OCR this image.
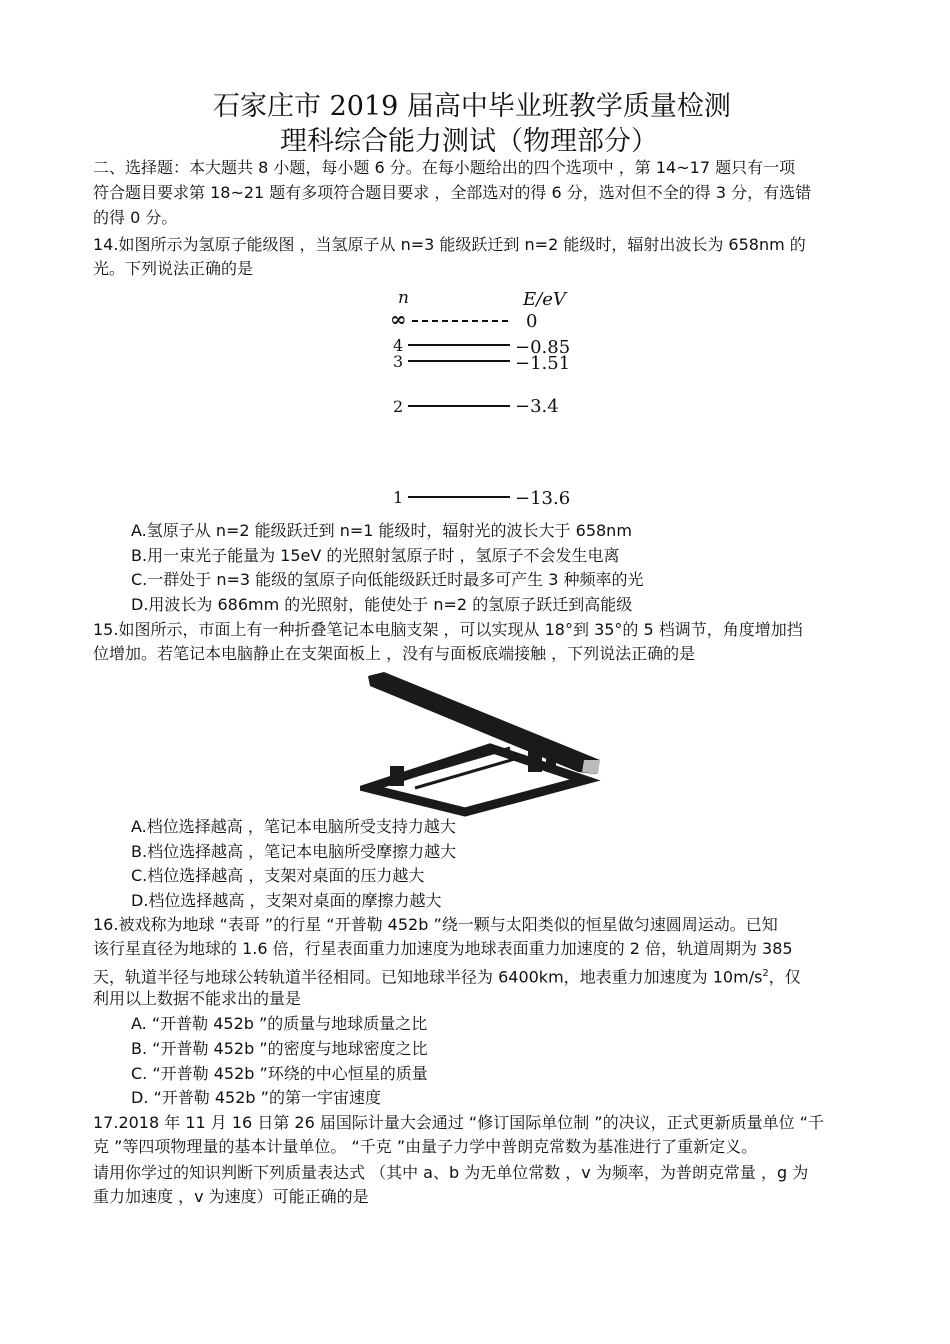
石家庄市 2019 届高中毕业班教学质量检测
理科综合能力测试（物理部分）
二、选择题：本大题共 8 小题，每小题 6 分。在每小题给出的四个选项中 ，第 14~17 题只有一项
符合题目要求第 18~21 题有多项符合题目要求 ，全部选对的得 6 分，选对但不全的得 3 分，有选错
的得 0 分。
14.如图所示为氢原子能级图 ，当氢原子从 n=3 能级跃迁到 n=2 能级时，辐射出波长为 658nm 的
光。下列说法正确的是
n	E/eV
∞	0
4	−0.85
3	−1.51
2	−3.4
1	−13.6
A.氢原子从 n=2 能级跃迁到 n=1 能级时，辐射光的波长大于 658nm
B.用一束光子能量为 15eV 的光照射氢原子时 ，氢原子不会发生电离
C.一群处于 n=3 能级的氢原子向低能级跃迁时最多可产生 3 种频率的光
D.用波长为 686mm 的光照射，能使处于 n=2 的氢原子跃迁到高能级
15.如图所示，市面上有一种折叠笔记本电脑支架 ，可以实现从 18°到 35°的 5 档调节，角度增加挡
位增加。若笔记本电脑静止在支架面板上 ，没有与面板底端接触 ，下列说法正确的是
A.档位选择越高 ，笔记本电脑所受支持力越大
B.档位选择越高 ，笔记本电脑所受摩擦力越大
C.档位选择越高 ，支架对桌面的压力越大
D.档位选择越高 ，支架对桌面的摩擦力越大
16.被戏称为地球 “表哥 ”的行星 “开普勒 452b ”绕一颗与太阳类似的恒星做匀速圆周运动。已知
该行星直径为地球的 1.6 倍，行星表面重力加速度为地球表面重力加速度的 2 倍，轨道周期为 385
天，轨道半径与地球公转轨道半径相同。已知地球半径为 6400km，地表重力加速度为 $10m/s^2$，仅
利用以上数据不能求出的量是
A. “开普勒 452b ”的质量与地球质量之比
B. “开普勒 452b ”的密度与地球密度之比
C. “开普勒 452b ”环绕的中心恒星的质量
D. “开普勒 452b ”的第一宇宙速度
17.2018 年 11 月 16 日第 26 届国际计量大会通过 “修订国际单位制 ”的决议，正式更新质量单位 “千
克 ”等四项物理量的基本计量单位。 “千克 ”由量子力学中普朗克常数为基准进行了重新定义。
请用你学过的知识判断下列质量表达式 （其中 a、b 为无单位常数 ，v 为频率，为普朗克常量 ，g 为
重力加速度 ，v 为速度）可能正确的是
